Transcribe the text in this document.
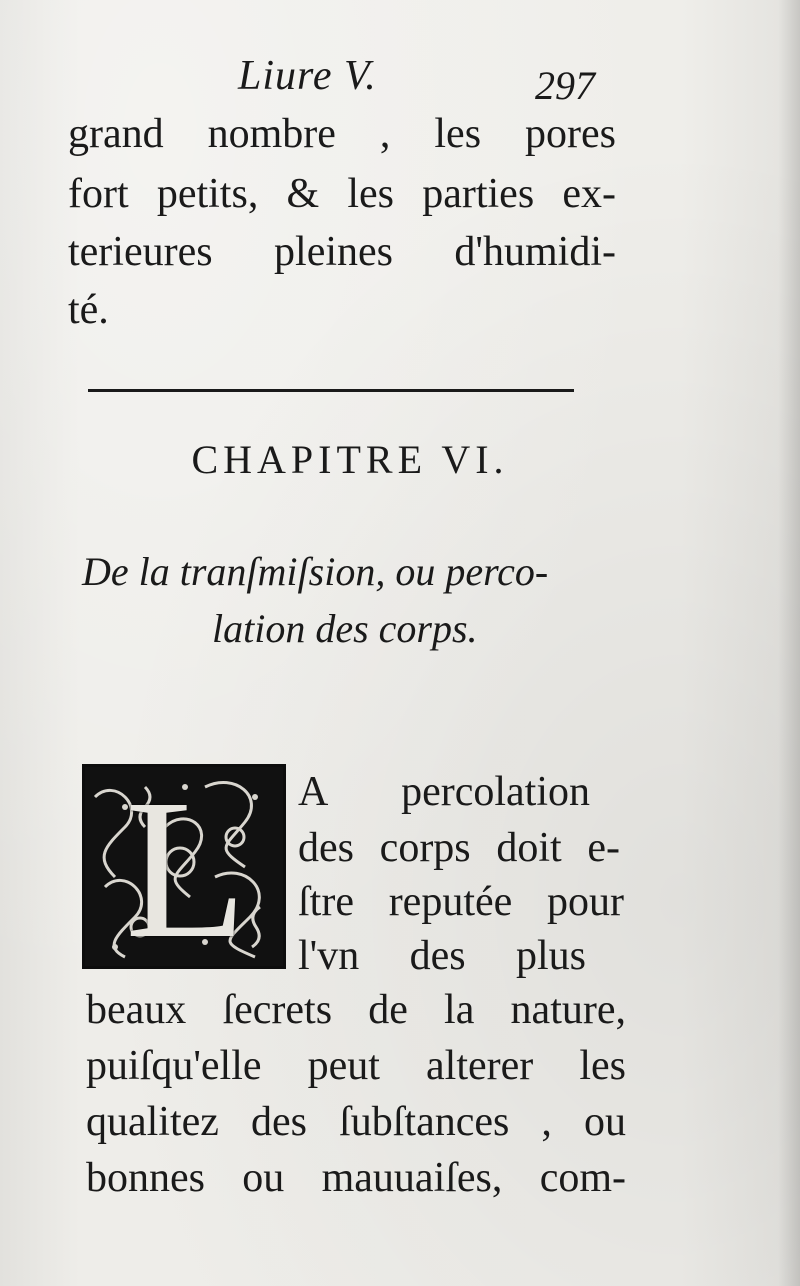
Liure V.	297
grand nombre , les pores
fort petits, & les parties ex-
terieures pleines d'humidi-
té.
CHAPITRE VI.
De la tranſmiſsion, ou perco-
lation des corps.
L A percolation
des corps doit e-
ſtre reputée pour
l'vn des plus
beaux ſecrets de la nature,
puiſqu'elle peut alterer les
qualitez des ſubſtances , ou
bonnes ou mauuaiſes, com-
